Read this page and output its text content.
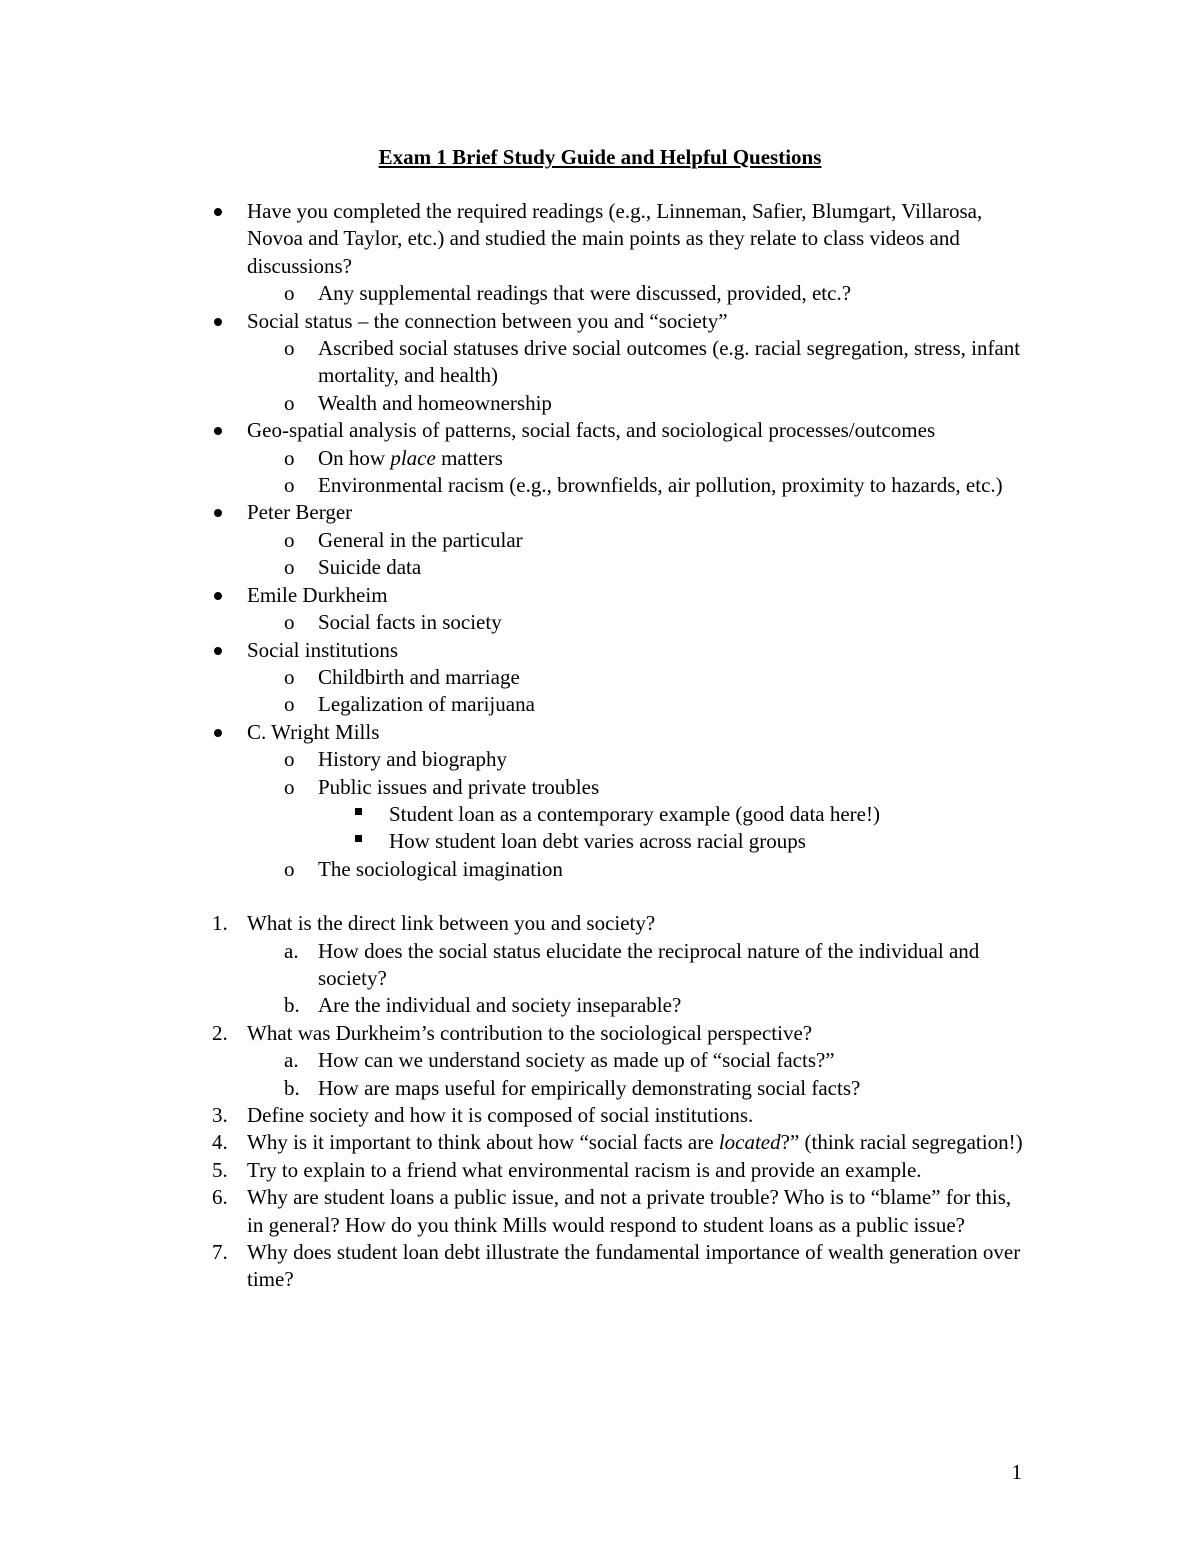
Exam 1 Brief Study Guide and Helpful Questions
Have you completed the required readings (e.g., Linneman, Safier, Blumgart, Villarosa, Novoa and Taylor, etc.) and studied the main points as they relate to class videos and discussions?
o Any supplemental readings that were discussed, provided, etc.?
Social status – the connection between you and “society”
o Ascribed social statuses drive social outcomes (e.g. racial segregation, stress, infant mortality, and health)
o Wealth and homeownership
Geo-spatial analysis of patterns, social facts, and sociological processes/outcomes
o On how place matters
o Environmental racism (e.g., brownfields, air pollution, proximity to hazards, etc.)
Peter Berger
o General in the particular
o Suicide data
Emile Durkheim
o Social facts in society
Social institutions
o Childbirth and marriage
o Legalization of marijuana
C. Wright Mills
o History and biography
o Public issues and private troubles
Student loan as a contemporary example (good data here!)
How student loan debt varies across racial groups
o The sociological imagination
1. What is the direct link between you and society?
a. How does the social status elucidate the reciprocal nature of the individual and society?
b. Are the individual and society inseparable?
2. What was Durkheim’s contribution to the sociological perspective?
a. How can we understand society as made up of “social facts?”
b. How are maps useful for empirically demonstrating social facts?
3. Define society and how it is composed of social institutions.
4. Why is it important to think about how “social facts are located?” (think racial segregation!)
5. Try to explain to a friend what environmental racism is and provide an example.
6. Why are student loans a public issue, and not a private trouble? Who is to “blame” for this, in general? How do you think Mills would respond to student loans as a public issue?
7. Why does student loan debt illustrate the fundamental importance of wealth generation over time?
1
